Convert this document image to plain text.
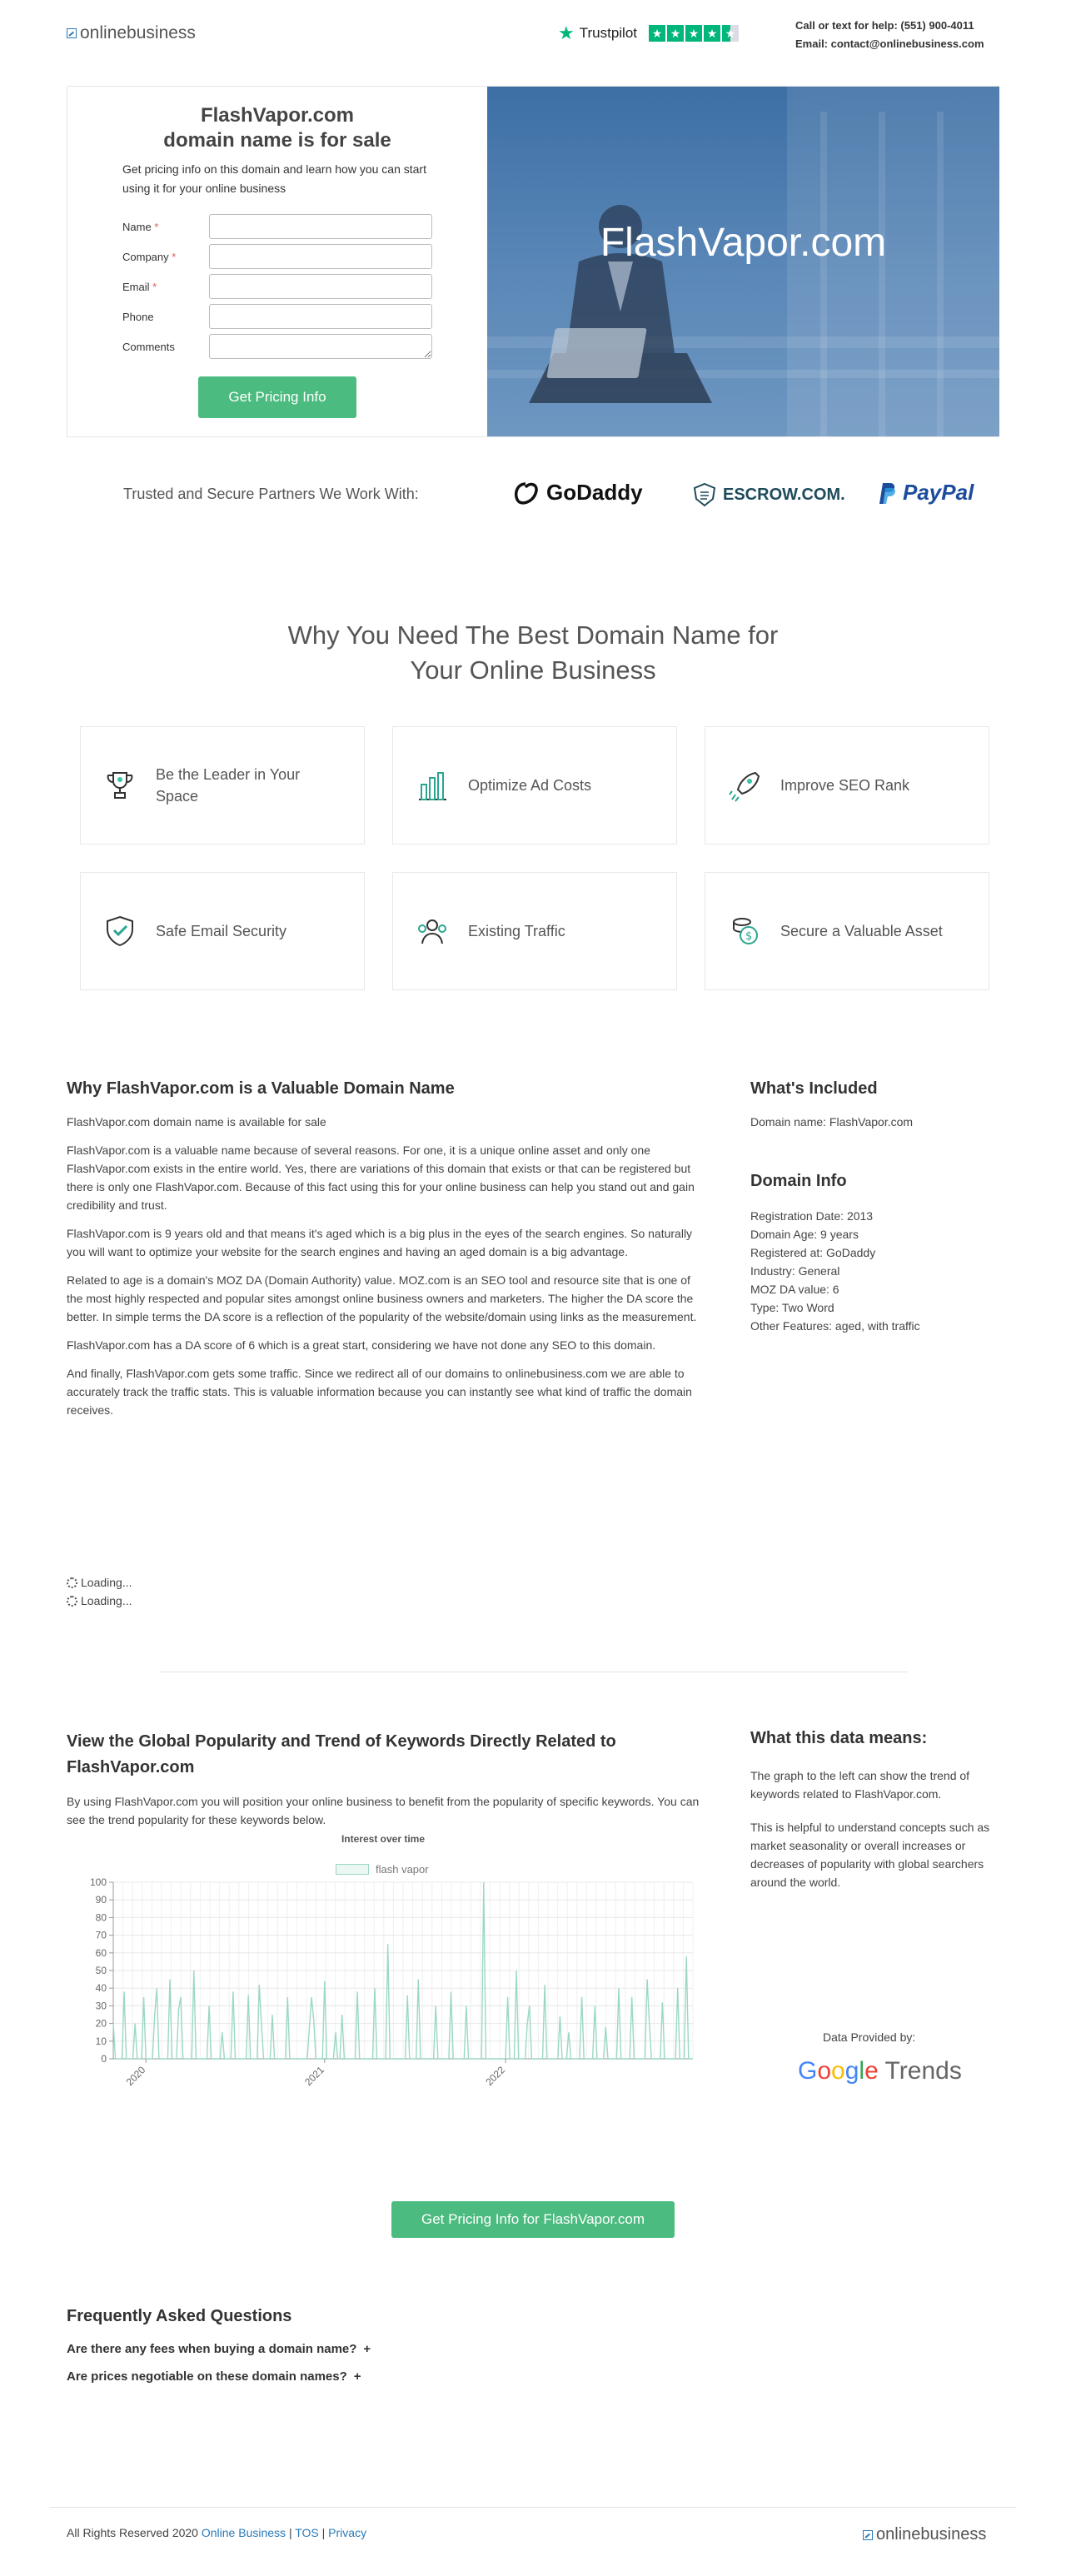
onlinebusiness	★ Trustpilot ★ ★ ★ ★ ★
Call or text for help: (551) 900-4011
Email: contact@onlinebusiness.com
FlashVapor.com
domain name is for sale
Get pricing info on this domain and learn how you can start using it for your online business
Name *
Company *
Email *
Phone
Comments
Get Pricing Info
FlashVapor.com
Trusted and Secure Partners We Work With:	GoDaddy	ESCROW.COM.	PayPal
Why You Need The Best Domain Name for
Your Online Business
Be the Leader in Your Space
Optimize Ad Costs	Improve SEO Rank
Safe Email Security	Existing Traffic	$ Secure a Valuable Asset
Why FlashVapor.com is a Valuable Domain Name

FlashVapor.com domain name is available for sale

FlashVapor.com is a valuable name because of several reasons. For one, it is a unique online asset and only one FlashVapor.com exists in the entire world. Yes, there are variations of this domain that exists or that can be registered but there is only one FlashVapor.com. Because of this fact using this for your online business can help you stand out and gain credibility and trust.

FlashVapor.com is 9 years old and that means it's aged which is a big plus in the eyes of the search engines. So naturally you will want to optimize your website for the search engines and having an aged domain is a big advantage.

Related to age is a domain's MOZ DA (Domain Authority) value. MOZ.com is an SEO tool and resource site that is one of the most highly respected and popular sites amongst online business owners and marketers. The higher the DA score the better. In simple terms the DA score is a reflection of the popularity of the website/domain using links as the measurement.

FlashVapor.com has a DA score of 6 which is a great start, considering we have not done any SEO to this domain.

And finally, FlashVapor.com gets some traffic. Since we redirect all of our domains to onlinebusiness.com we are able to accurately track the traffic stats. This is valuable information because you can instantly see what kind of traffic the domain receives.

What's Included
Domain name: FlashVapor.com
Domain Info
Registration Date: 2013
Domain Age: 9 years
Registered at: GoDaddy
Industry: General
MOZ DA value: 6
Type: Two Word
Other Features: aged, with traffic
Loading...
Loading...
View the Global Popularity and Trend of Keywords Directly Related to FlashVapor.com
By using FlashVapor.com you will position your online business to benefit from the popularity of specific keywords. You can see the trend popularity for these keywords below.
What this data means:
The graph to the left can show the trend of keywords related to FlashVapor.com.
This is helpful to understand concepts such as market seasonality or overall increases or decreases of popularity with global searchers around the world.
Data Provided by:
Google Trends
Interest over time
flash vapor
0
10
20
30
40
50
60
70
80
90
100
2020	2021	2022
Get Pricing Info for FlashVapor.com
Frequently Asked Questions
Are there any fees when buying a domain name? +
Are prices negotiable on these domain names? +
All Rights Reserved 2020 Online Business | TOS | Privacy	onlinebusiness
